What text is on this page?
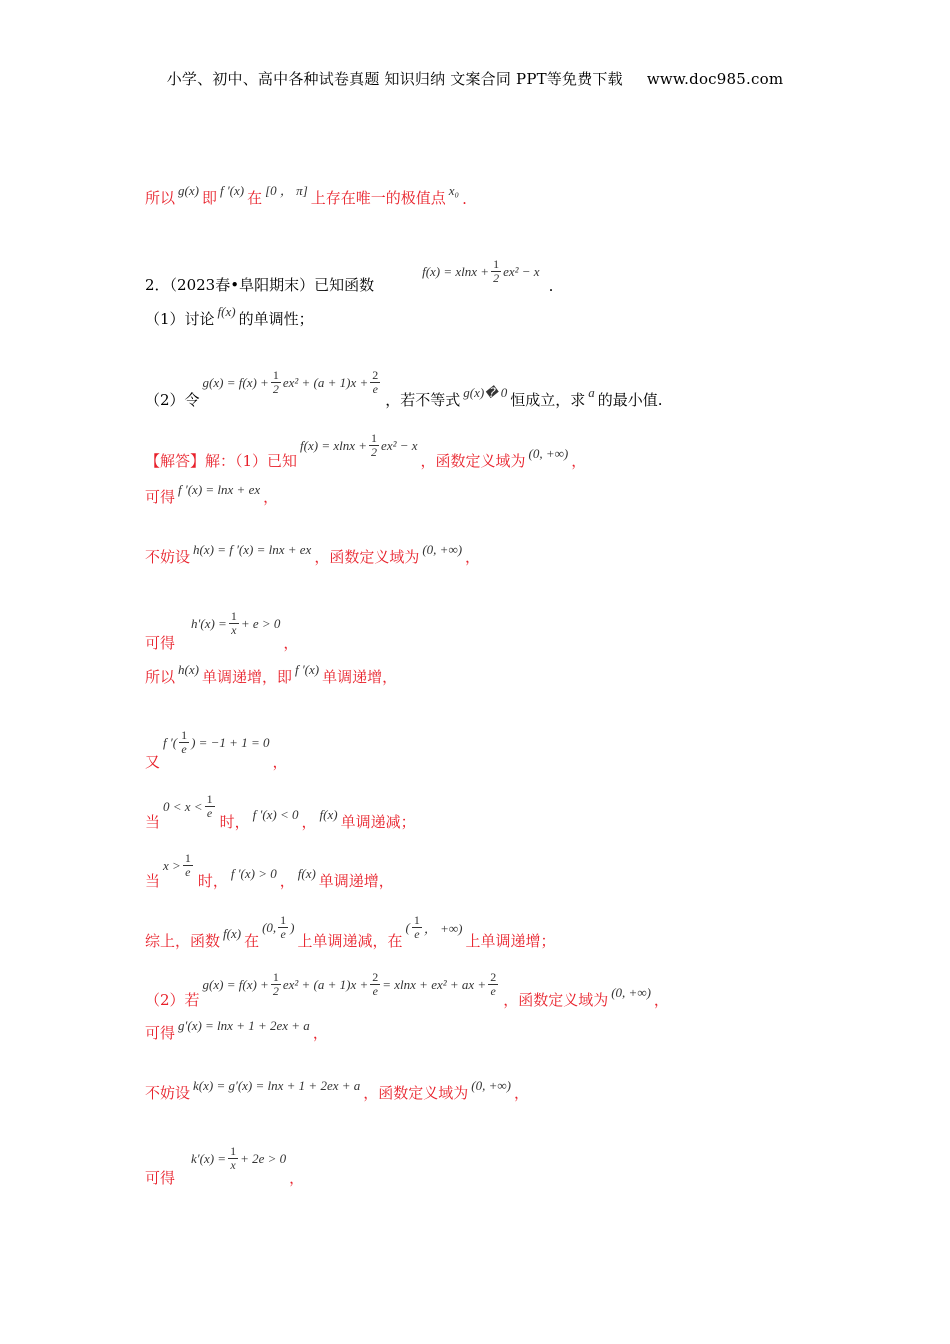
小学、初中、高中各种试卷真题 知识归纳 文案合同 PPT等免费下载 www.doc985.com
所以 g(x) 即 f ′(x) 在 [0 ， π] 上存在唯一的极值点 x₀ .
2．（2023春•阜阳期末）已知函数
$f(x) = xlnx + \frac{1}{2} ex^2 - x$
.
（1）讨论 f(x) 的单调性；
（2）令
$g(x) = f(x) + \frac{1}{2} ex^2 + (a + 1)x + \frac{2}{e}$
，若不等式 g(x)� 0 恒成立，求 a 的最小值.
【解答】解：（1）已知
$f(x) = xlnx + \frac{1}{2} ex^2 - x$
，函数定义域为 (0, +∞) ，
可得 f ′(x) = lnx + ex ，
不妨设 h(x) = f ′(x) = lnx + ex ，函数定义域为 (0, +∞) ，
可得
$h'(x) = \frac{1}{x} + e > 0$
，
所以 h(x) 单调递增，即 f ′(x) 单调递增，
又
f ′( $\frac{1}{e}$ ) = −1 + 1 = 0
，
当
$0 < x < \frac{1}{e}$
时， f ′(x) < 0 ， f(x) 单调递减；
当
$x > \frac{1}{e}$
时， f ′(x) > 0 ， f(x) 单调递增，
综上，函数 f(x) 在
(0, $\frac{1}{e}$ )
上单调递减，在
( $\frac{1}{e}$ ， +∞)
上单调递增；
（2）若
$g(x) = f(x) + \frac{1}{2} ex^2 + (a + 1)x + \frac{2}{e} = xlnx + ex^2$ + ax + $\frac{2}{e}$
，函数定义域为 (0, +∞) ，
可得 g′(x) = lnx + 1 + 2ex + a ，
不妨设 k(x) = g′(x) = lnx + 1 + 2ex + a ，函数定义域为 (0, +∞) ，
可得
$k'(x) = \frac{1}{x} + 2e > 0$
，
